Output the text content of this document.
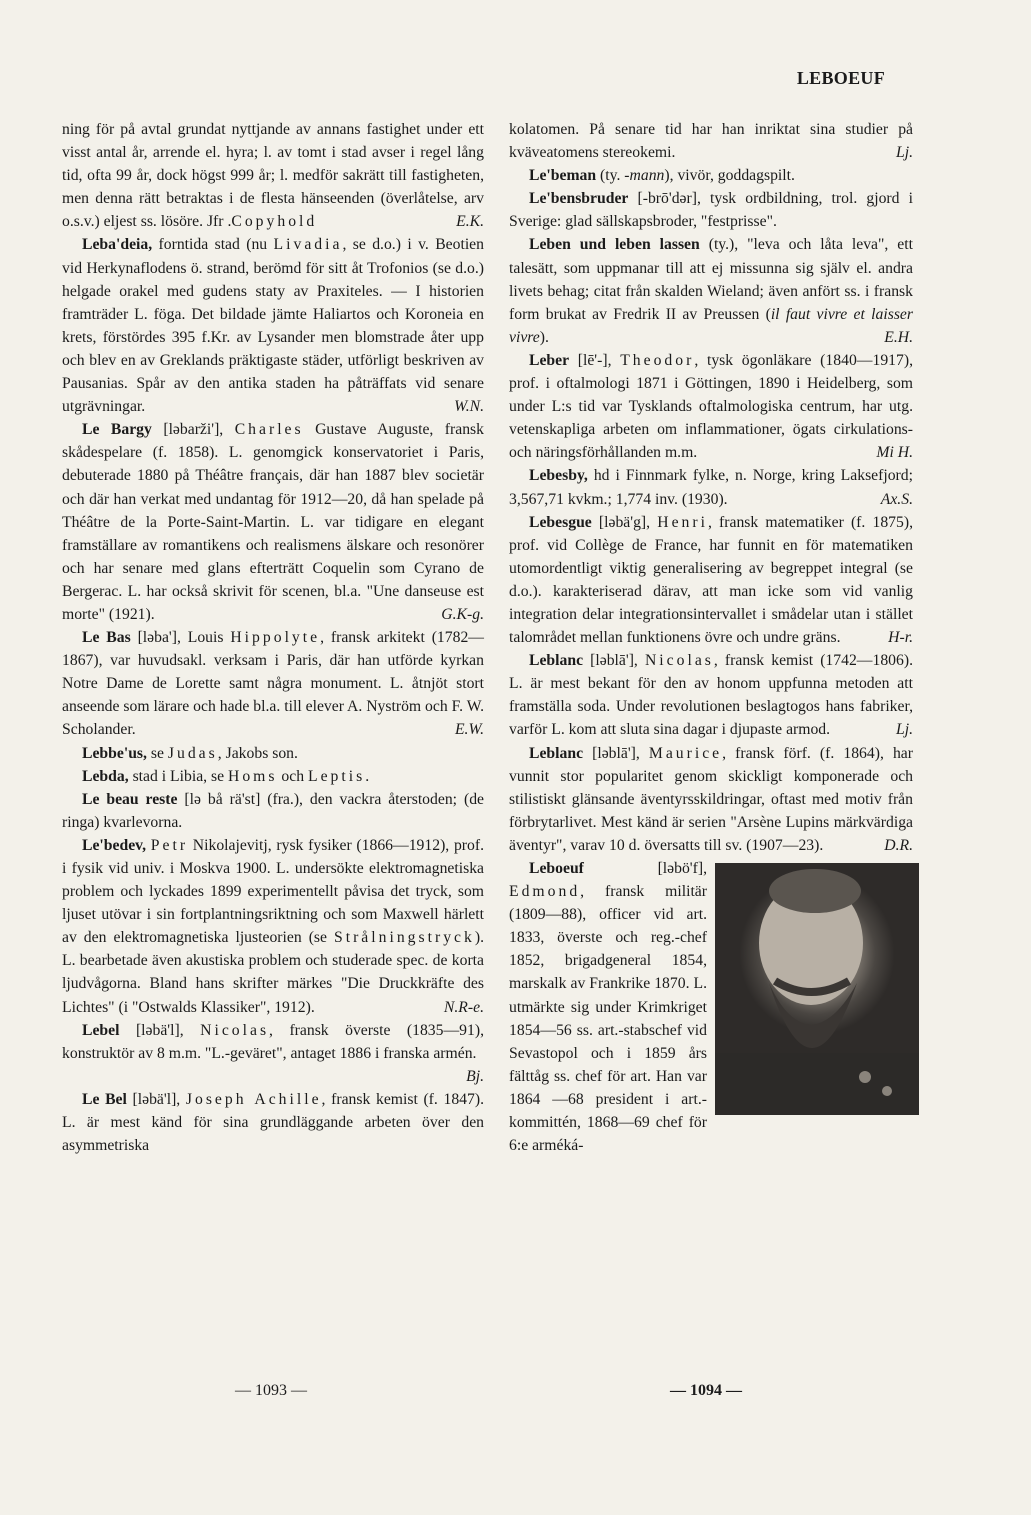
LEBOEUF

ning för på avtal grundat nyttjande av annans fastighet under ett visst antal år, arrende el. hyra; l. av tomt i stad avser i regel lång tid, ofta 99 år, dock högst 999 år; l. medför sakrätt till fastigheten, men denna rätt betraktas i de flesta hänseenden (överlåtelse, arv o.s.v.) eljest ss. lösöre. Jfr .Copyhold	E.K.

Leba'deia, forntida stad (nu Livadia, se d.o.) i v. Beotien vid Herkynaflodens ö. strand, berömd för sitt åt Trofonios (se d.o.) helgade orakel med gudens staty av Praxiteles. — I historien framträder L. föga. Det bildade jämte Haliartos och Koroneia en krets, förstördes 395 f.Kr. av Lysander men blomstrade åter upp och blev en av Greklands präktigaste städer, utförligt beskriven av Pausanias. Spår av den antika staden ha påträffats vid senare utgrävningar.	W.N.

Le Bargy [ləbarži'], Charles Gustave Auguste, fransk skådespelare (f. 1858). L. genomgick konservatoriet i Paris, debuterade 1880 på Théâtre français, där han 1887 blev societär och där han verkat med undantag för 1912—20, då han spelade på Théâtre de la Porte-Saint-Martin. L. var tidigare en elegant framställare av romantikens och realismens älskare och resonörer och har senare med glans efterträtt Coquelin som Cyrano de Bergerac. L. har också skrivit för scenen, bl.a. "Une danseuse est morte" (1921).	G.K-g.

Le Bas [ləba'], Louis Hippolyte, fransk arkitekt (1782—1867), var huvudsakl. verksam i Paris, där han utförde kyrkan Notre Dame de Lorette samt några monument. L. åtnjöt stort anseende som lärare och hade bl.a. till elever A. Nyström och F. W. Scholander.	E.W.

Lebbe'us, se Judas, Jakobs son.

Lebda, stad i Libia, se Homs och Leptis.

Le beau reste [lə bå rä'st] (fra.), den vackra återstoden; (de ringa) kvarlevorna.

Le'bedev, Petr Nikolajevitj, rysk fysiker (1866—1912), prof. i fysik vid univ. i Moskva 1900. L. undersökte elektromagnetiska problem och lyckades 1899 experimentellt påvisa det tryck, som ljuset utövar i sin fortplantningsriktning och som Maxwell härlett av den elektromagnetiska ljusteorien (se Strålningstryck). L. bearbetade även akustiska problem och studerade spec. de korta ljudvågorna. Bland hans skrifter märkes "Die Druckkräfte des Lichtes" (i "Ostwalds Klassiker", 1912).	N.R-e.

Lebel [ləbä'l], Nicolas, fransk överste (1835—91), konstruktör av 8 m.m. "L.-geväret", antaget 1886 i franska armén.
Bj.

Le Bel [ləbä'l], Joseph Achille, fransk kemist (f. 1847). L. är mest känd för sina grundläggande arbeten över den asymmetriska

kolatomen. På senare tid har han inriktat sina studier på kväveatomens stereokemi.	Lj.

Le'beman (ty. -mann), vivör, goddagspilt.

Le'bensbruder [-brō'dər], tysk ordbildning, trol. gjord i Sverige: glad sällskapsbroder, "festprisse".

Leben und leben lassen (ty.), "leva och låta leva", ett talesätt, som uppmanar till att ej missunna sig själv el. andra livets behag; citat från skalden Wieland; även anfört ss. i fransk form brukat av Fredrik II av Preussen (il faut vivre et laisser vivre).	E.H.

Leber [lē'-], Theodor, tysk ögonläkare (1840—1917), prof. i oftalmologi 1871 i Göttingen, 1890 i Heidelberg, som under L:s tid var Tysklands oftalmologiska centrum, har utg. vetenskapliga arbeten om inflammationer, ögats cirkulations- och näringsförhållanden m.m.	Mi H.

Lebesby, hd i Finnmark fylke, n. Norge, kring Laksefjord; 3,567,71 kvkm.; 1,774 inv. (1930).	Ax.S.

Lebesgue [ləbä'g], Henri, fransk matematiker (f. 1875), prof. vid Collège de France, har funnit en för matematiken utomordentligt viktig generalisering av begreppet integral (se d.o.). karakteriserad därav, att man icke som vid vanlig integration delar integrationsintervallet i smådelar utan i stället talområdet mellan funktionens övre och undre gräns.	H-r.

Leblanc [ləblā'], Nicolas, fransk kemist (1742—1806). L. är mest bekant för den av honom uppfunna metoden att framställa soda. Under revolutionen beslagtogos hans fabriker, varför L. kom att sluta sina dagar i djupaste armod.	Lj.

Leblanc [ləblā'], Maurice, fransk förf. (f. 1864), har vunnit stor popularitet genom skickligt komponerade och stilistiskt glänsande äventyrsskildringar, oftast med motiv från förbrytarlivet. Mest känd är serien "Arsène Lupins märkvärdiga äventyr", varav 10 d. översatts till sv. (1907—23).	D.R.

Leboeuf [ləbö'f], Edmond, fransk militär (1809—88), officer vid art. 1833, överste och reg.-chef 1852, brigadgeneral 1854, marskalk av Frankrike 1870. L. utmärkte sig under Krimkriget 1854—56 ss. art.-stabschef vid Sevastopol och i 1859 års fälttåg ss. chef för art. Han var 1864 —68 president i art.-kommittén, 1868—69 chef för 6:e arméká-

— 1093 —	— 1094 —
